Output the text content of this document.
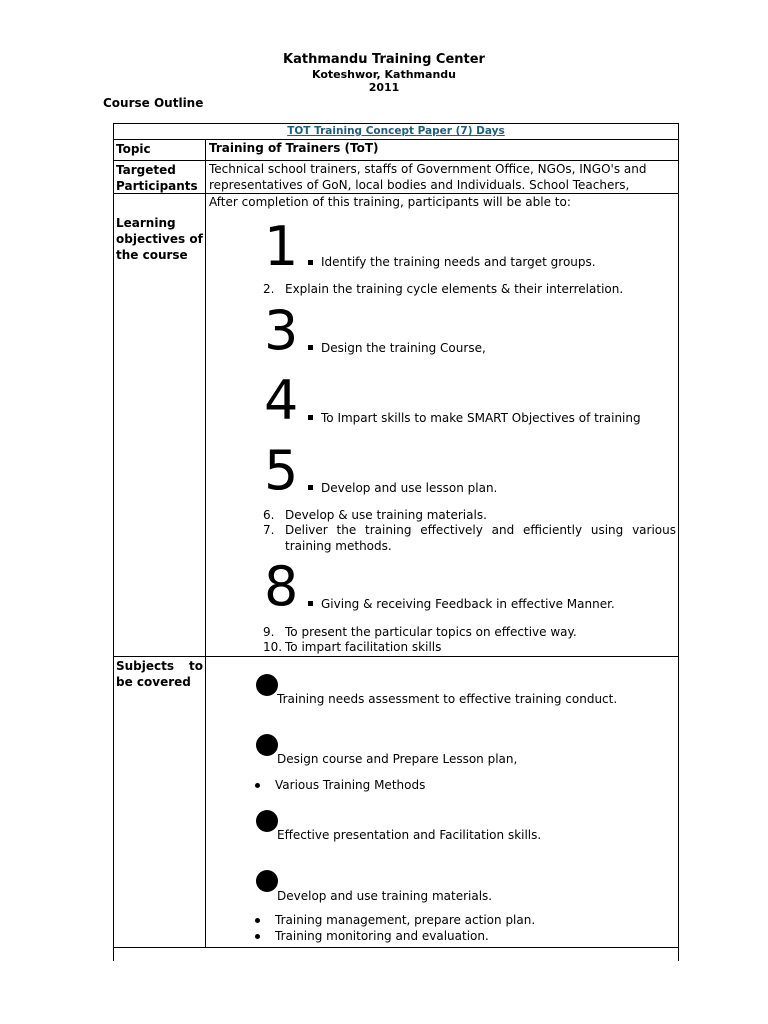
Kathmandu Training Center
Koteshwor, Kathmandu
2011
Course Outline
TOT Training Concept Paper (7) Days
Topic	Training of Trainers (ToT)
Targeted
Participants
Technical school trainers, staffs of Government Office, NGOs, INGO's and
representatives of GoN, local bodies and Individuals. School Teachers,
Learning
objectives of
the course
After completion of this training, participants will be able to:
1 Identify the training needs and target groups.
2. Explain the training cycle elements & their interrelation.
3 Design the training Course,
4 To Impart skills to make SMART Objectives of training
5 Develop and use lesson plan.
6. Develop & use training materials.
7. Deliver the training effectively and efficiently using various
training methods.
8 Giving & receiving Feedback in effective Manner.
9. To present the particular topics on effective way.
10. To impart facilitation skills
Subjects to
be covered
Training needs assessment to effective training conduct.
Design course and Prepare Lesson plan,
Various Training Methods
Effective presentation and Facilitation skills.
Develop and use training materials.
Training management, prepare action plan.
Training monitoring and evaluation.
